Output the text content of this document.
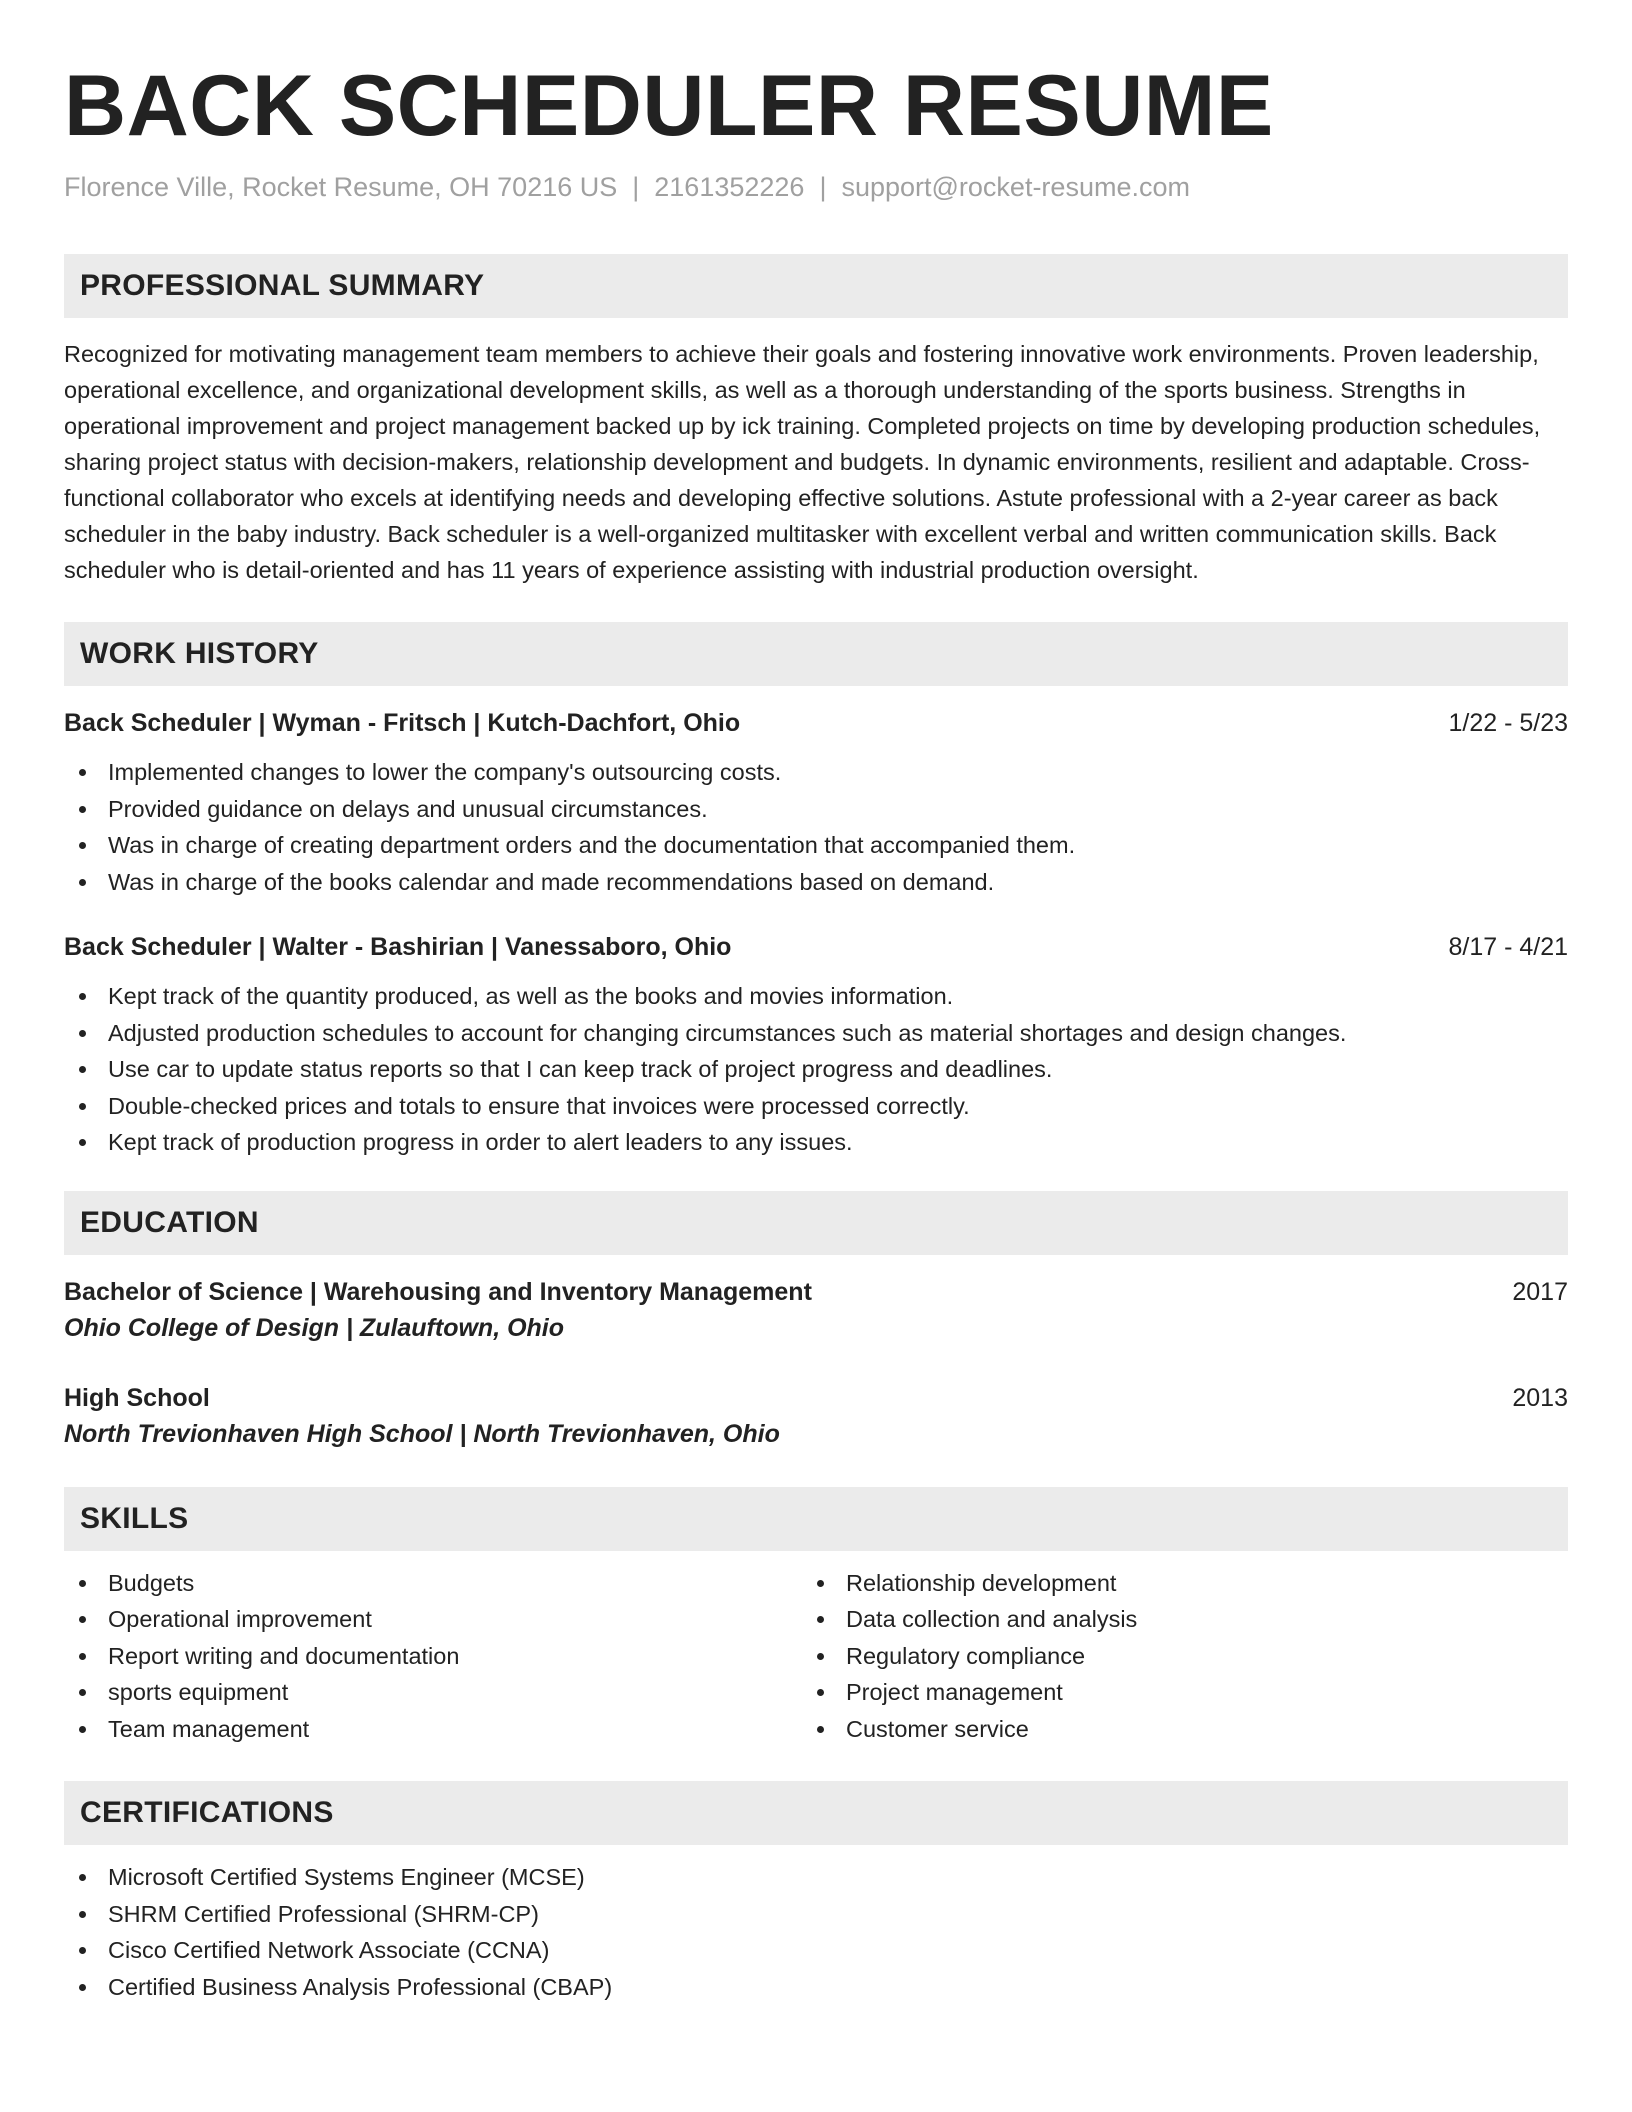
BACK SCHEDULER RESUME
Florence Ville, Rocket Resume, OH 70216 US | 2161352226 | support@rocket-resume.com
PROFESSIONAL SUMMARY

Recognized for motivating management team members to achieve their goals and fostering innovative work environments. Proven leadership, operational excellence, and organizational development skills, as well as a thorough understanding of the sports business. Strengths in operational improvement and project management backed up by ick training. Completed projects on time by developing production schedules, sharing project status with decision-makers, relationship development and budgets. In dynamic environments, resilient and adaptable. Cross-functional collaborator who excels at identifying needs and developing effective solutions. Astute professional with a 2-year career as back scheduler in the baby industry. Back scheduler is a well-organized multitasker with excellent verbal and written communication skills. Back scheduler who is detail-oriented and has 11 years of experience assisting with industrial production oversight.

WORK HISTORY
Back Scheduler | Wyman - Fritsch | Kutch-Dachfort, Ohio	1/22 - 5/23
Implemented changes to lower the company's outsourcing costs.
Provided guidance on delays and unusual circumstances.
Was in charge of creating department orders and the documentation that accompanied them.
Was in charge of the books calendar and made recommendations based on demand.
Back Scheduler | Walter - Bashirian | Vanessaboro, Ohio	8/17 - 4/21
Kept track of the quantity produced, as well as the books and movies information.
Adjusted production schedules to account for changing circumstances such as material shortages and design changes.
Use car to update status reports so that I can keep track of project progress and deadlines.
Double-checked prices and totals to ensure that invoices were processed correctly.
Kept track of production progress in order to alert leaders to any issues.
EDUCATION
Bachelor of Science | Warehousing and Inventory Management	2017
Ohio College of Design | Zulauftown, Ohio
High School	2013
North Trevionhaven High School | North Trevionhaven, Ohio
SKILLS
Budgets
Operational improvement
Report writing and documentation
sports equipment
Team management
Relationship development
Data collection and analysis
Regulatory compliance
Project management
Customer service
CERTIFICATIONS
Microsoft Certified Systems Engineer (MCSE)
SHRM Certified Professional (SHRM-CP)
Cisco Certified Network Associate (CCNA)
Certified Business Analysis Professional (CBAP)
